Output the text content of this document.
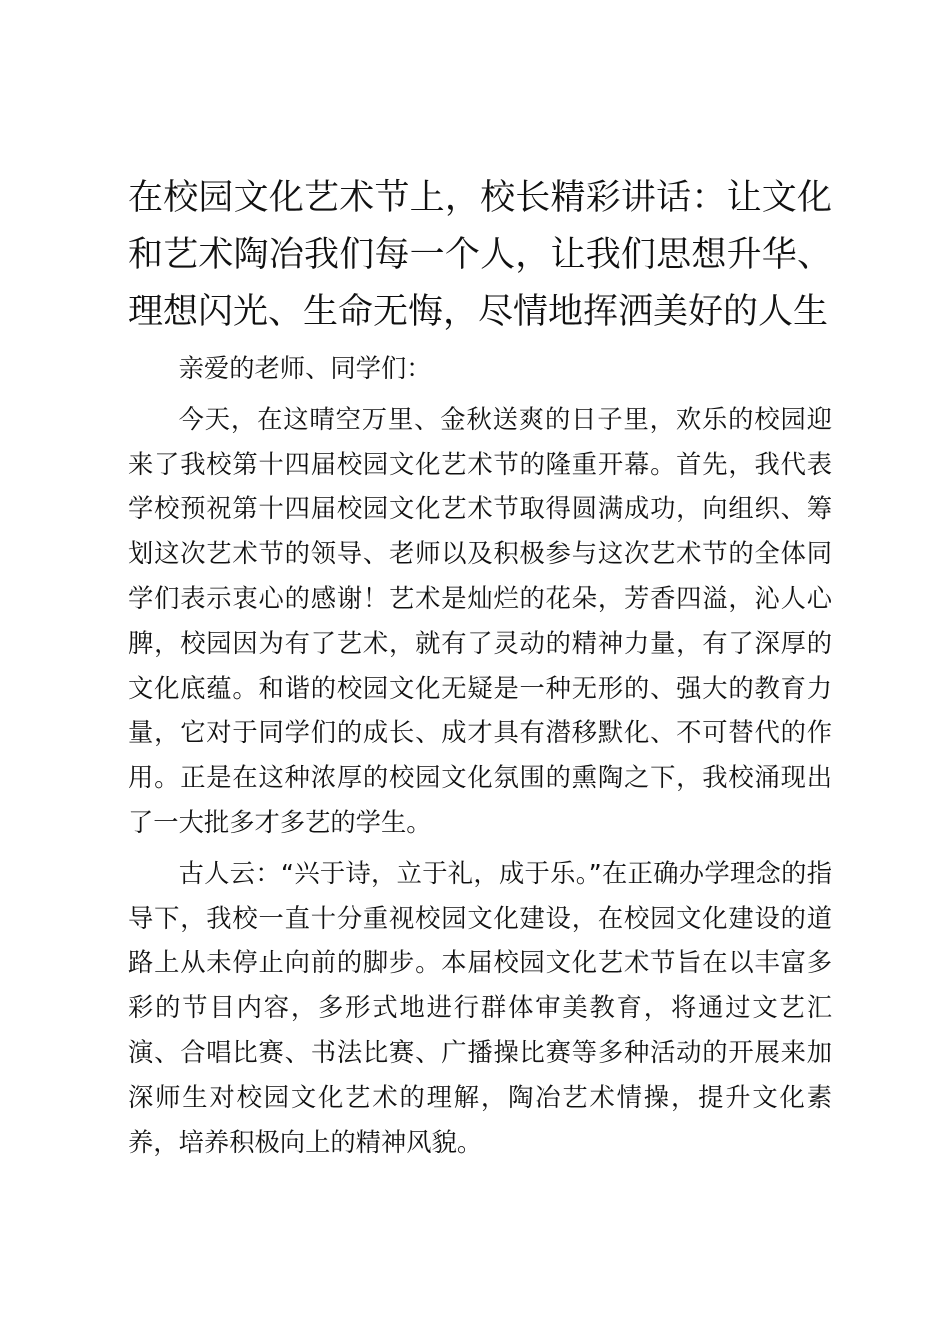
在校园文化艺术节上，校长精彩讲话：让文化和艺术陶冶我们每一个人，让我们思想升华、理想闪光、生命无悔，尽情地挥洒美好的人生

亲爱的老师、同学们：

今天，在这晴空万里、金秋送爽的日子里，欢乐的校园迎来了我校第十四届校园文化艺术节的隆重开幕。首先，我代表学校预祝第十四届校园文化艺术节取得圆满成功，向组织、筹划这次艺术节的领导、老师以及积极参与这次艺术节的全体同学们表示衷心的感谢！艺术是灿烂的花朵，芳香四溢，沁人心脾，校园因为有了艺术，就有了灵动的精神力量，有了深厚的文化底蕴。和谐的校园文化无疑是一种无形的、强大的教育力量，它对于同学们的成长、成才具有潜移默化、不可替代的作用。正是在这种浓厚的校园文化氛围的熏陶之下，我校涌现出了一大批多才多艺的学生。

古人云：“兴于诗，立于礼，成于乐。”在正确办学理念的指导下，我校一直十分重视校园文化建设，在校园文化建设的道路上从未停止向前的脚步。本届校园文化艺术节旨在以丰富多彩的节目内容，多形式地进行群体审美教育，将通过文艺汇演、合唱比赛、书法比赛、广播操比赛等多种活动的开展来加深师生对校园文化艺术的理解，陶冶艺术情操，提升文化素养，培养积极向上的精神风貌。
